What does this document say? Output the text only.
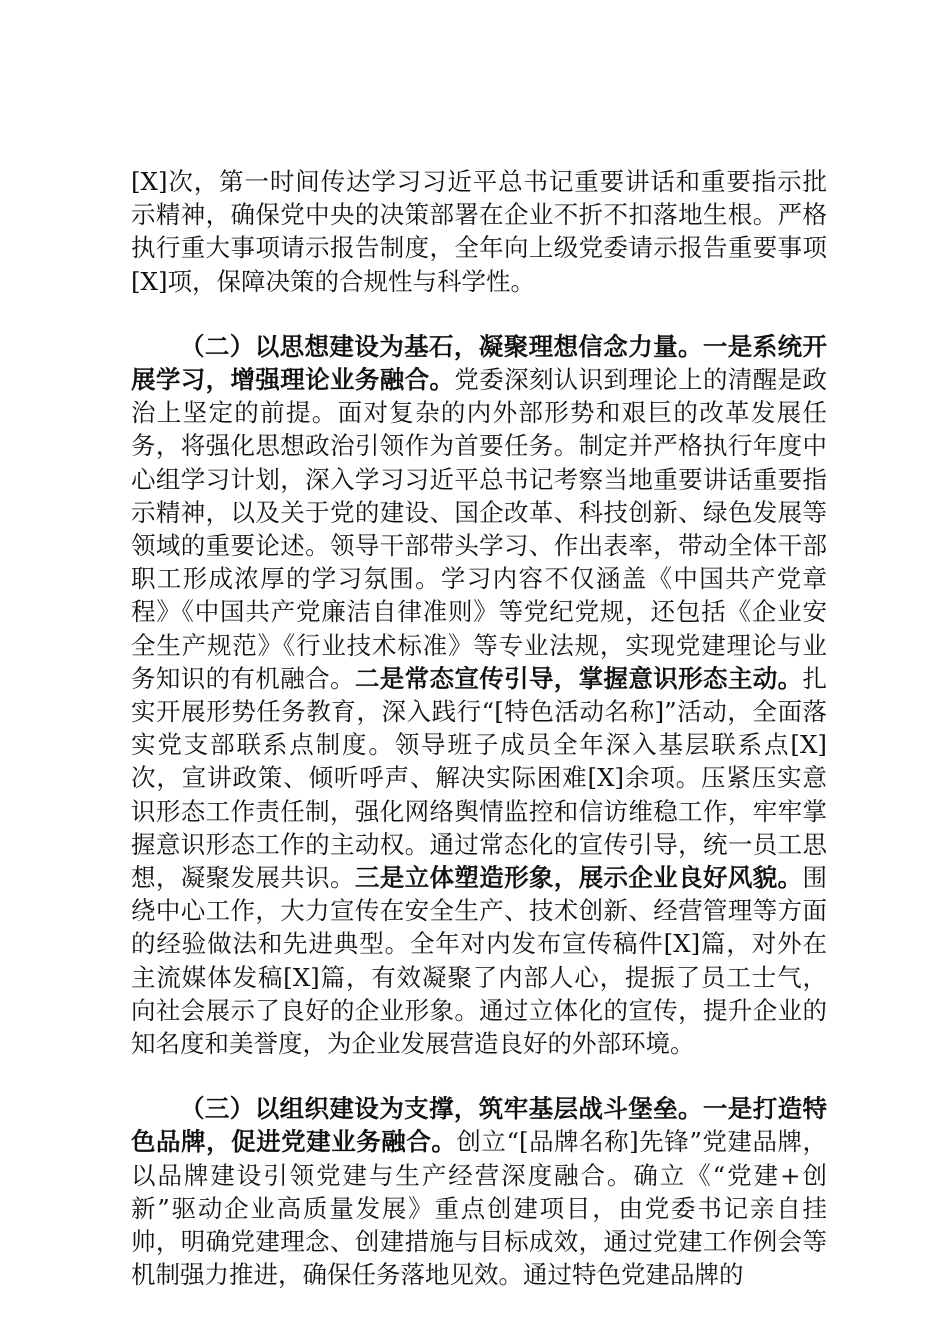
[X]次，第一时间传达学习习近平总书记重要讲话和重要指示批示精神，确保党中央的决策部署在企业不折不扣落地生根。严格执行重大事项请示报告制度，全年向上级党委请示报告重要事项[X]项，保障决策的合规性与科学性。

（二）以思想建设为基石，凝聚理想信念力量。一是系统开展学习，增强理论业务融合。党委深刻认识到理论上的清醒是政治上坚定的前提。面对复杂的内外部形势和艰巨的改革发展任务，将强化思想政治引领作为首要任务。制定并严格执行年度中心组学习计划，深入学习习近平总书记考察当地重要讲话重要指示精神，以及关于党的建设、国企改革、科技创新、绿色发展等领域的重要论述。领导干部带头学习、作出表率，带动全体干部职工形成浓厚的学习氛围。学习内容不仅涵盖《中国共产党章程》《中国共产党廉洁自律准则》等党纪党规，还包括《企业安全生产规范》《行业技术标准》等专业法规，实现党建理论与业务知识的有机融合。二是常态宣传引导，掌握意识形态主动。扎实开展形势任务教育，深入践行“[特色活动名称]”活动，全面落实党支部联系点制度。领导班子成员全年深入基层联系点[X]次，宣讲政策、倾听呼声、解决实际困难[X]余项。压紧压实意识形态工作责任制，强化网络舆情监控和信访维稳工作，牢牢掌握意识形态工作的主动权。通过常态化的宣传引导，统一员工思想，凝聚发展共识。三是立体塑造形象，展示企业良好风貌。围绕中心工作，大力宣传在安全生产、技术创新、经营管理等方面的经验做法和先进典型。全年对内发布宣传稿件[X]篇，对外在主流媒体发稿[X]篇，有效凝聚了内部人心，提振了员工士气，向社会展示了良好的企业形象。通过立体化的宣传，提升企业的知名度和美誉度，为企业发展营造良好的外部环境。

（三）以组织建设为支撑，筑牢基层战斗堡垒。一是打造特色品牌，促进党建业务融合。创立“[品牌名称]先锋”党建品牌，以品牌建设引领党建与生产经营深度融合。确立《“党建+创新”驱动企业高质量发展》重点创建项目，由党委书记亲自挂帅，明确党建理念、创建措施与目标成效，通过党建工作例会等机制强力推进，确保任务落地见效。通过特色党建品牌的
